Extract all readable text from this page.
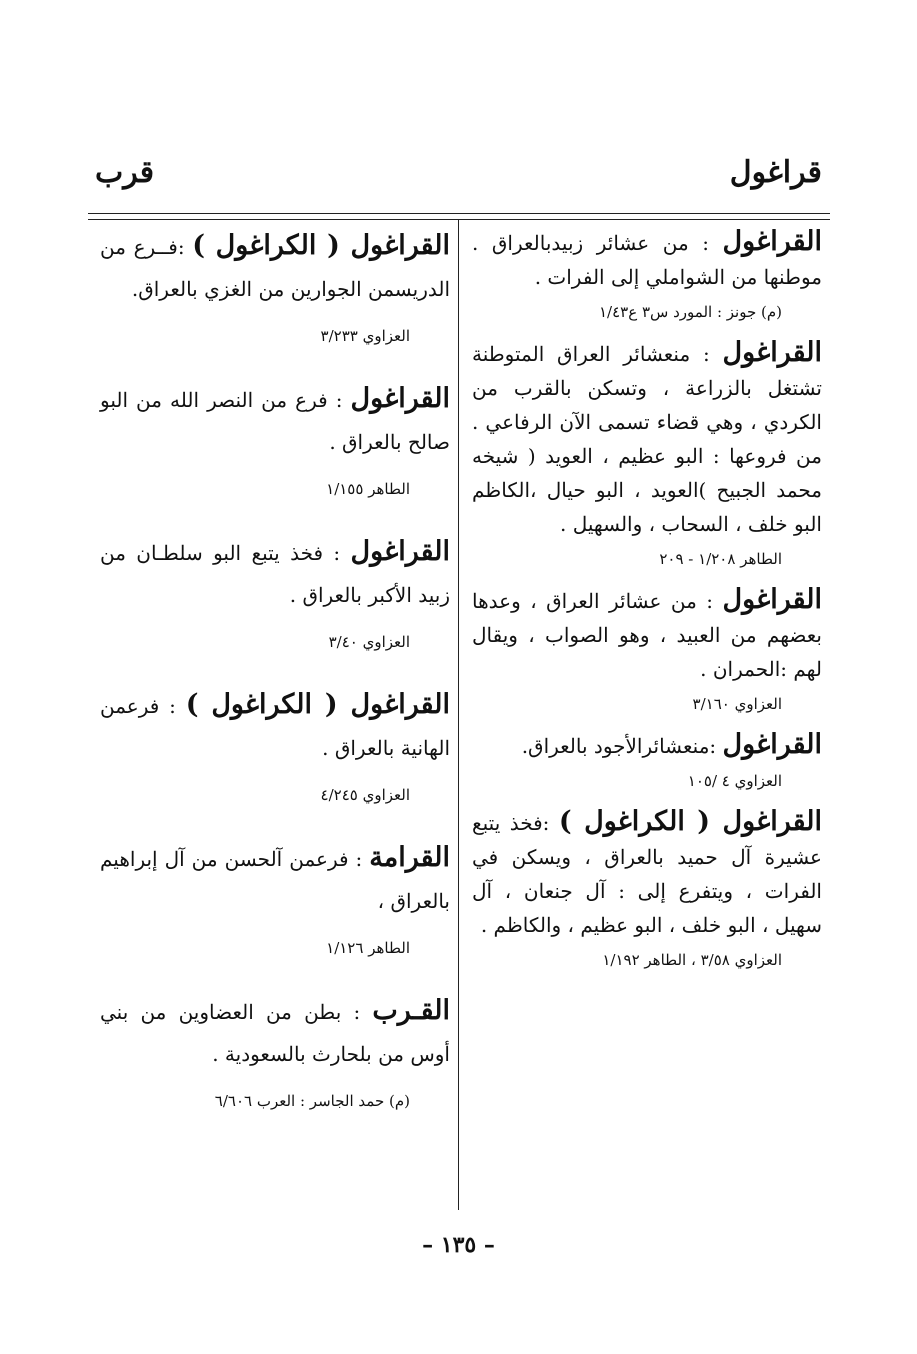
قراغول
قرب
القراغول : من عشائر زبيدبالعراق . موطنها من الشواملي إلى الفرات .
(م) جونز : المورد س٣ ع١/٤٣
القراغول : منعشائر العراق المتوطنة تشتغل بالزراعة ، وتسكن بالقرب من الكردي ، وهي قضاء تسمى الآن الرفاعي . من فروعها : البو عظيم ، العويد ( شيخه محمد الجبيح )العويد ، البو حيال ،الكاظم البو خلف ، السحاب ، والسهيل .
الطاهر ١/٢٠٨ - ٢٠٩
القراغول : من عشائر العراق ، وعدها بعضهم من العبيد ، وهو الصواب ، ويقال لهم :الحمران .
العزاوي ٣/١٦٠
القراغول :منعشائرالأجود بالعراق.
العزاوي ٤ /١٠٥
القراغول ( الكراغول ) :فخذ يتبع عشيرة آل حميد بالعراق ، ويسكن في الفرات ، ويتفرع إلى : آل جنعان ، آل سهيل ، البو خلف ، البو عظيم ، والكاظم .
العزاوي ٣/٥٨ ، الطاهر ١/١٩٢
القراغول ( الكراغول ) :فــرع من الدريسمن الجوارين من الغزي بالعراق.
العزاوي ٣/٢٣٣
القراغول : فرع من النصر الله من البو صالح بالعراق .
الطاهر ١/١٥٥
القراغول : فخذ يتبع البو سلطـان من زبيد الأكبر بالعراق .
العزاوي ٣/٤٠
القراغول ( الكراغول ) : فرعمن الهانية بالعراق .
العزاوي ٤/٢٤٥
القرامة : فرعمن آلحسن من آل إبراهيم بالعراق ،
الطاهر ١/١٢٦
القـرب : بطن من العضاوين من بني أوس من بلحارث بالسعودية .
(م) حمد الجاسر : العرب ٦/٦٠٦
– ١٣٥ –
